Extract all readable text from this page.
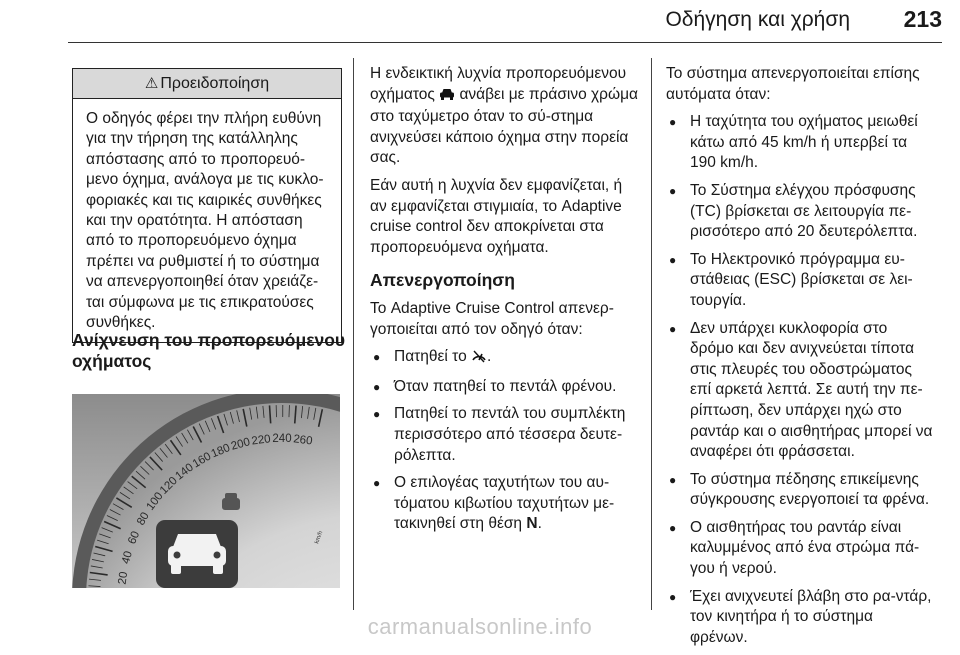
Οδήγηση και χρήση 213
⚠ Προειδοποίηση
Ο οδηγός φέρει την πλήρη ευθύνη για την τήρηση της κατάλληλης απόστασης από το προπορευό-μενο όχημα, ανάλογα με τις κυκλο-φοριακές και τις καιρικές συνθήκες και την ορατότητα. Η απόσταση από το προπορευόμενο όχημα πρέπει να ρυθμιστεί ή το σύστημα να απενεργοποιηθεί όταν χρειάζε-ται σύμφωνα με τις επικρατούσες συνθήκες.
Ανίχνευση του προπορευόμενου οχήματος
20
40
60
80
100
120
140
160
180
200 220 240 260
km/h

Η ενδεικτική λυχνία προπορευόμενου οχήματος  ανάβει με πράσινο χρώμα στο ταχύμετρο όταν το σύ-στημα ανιχνεύσει κάποιο όχημα στην πορεία σας.

Εάν αυτή η λυχνία δεν εμφανίζεται, ή αν εμφανίζεται στιγμιαία, το Adaptive cruise control δεν αποκρίνεται στα προπορευόμενα οχήματα.

Απενεργοποίηση

Το Adaptive Cruise Control απενερ-γοποιείται από τον οδηγό όταν:

● Πατηθεί το .
● Όταν πατηθεί το πεντάλ φρένου.
● Πατηθεί το πεντάλ του συμπλέκτη περισσότερο από τέσσερα δευτε-ρόλεπτα.
● Ο επιλογέας ταχυτήτων του αυ-τόματου κιβωτίου ταχυτήτων με-τακινηθεί στη θέση N.

Το σύστημα απενεργοποιείται επίσης αυτόματα όταν:

● Η ταχύτητα του οχήματος μειωθεί κάτω από 45 km/h ή υπερβεί τα 190 km/h.
● Το Σύστημα ελέγχου πρόσφυσης (TC) βρίσκεται σε λειτουργία πε-ρισσότερο από 20 δευτερόλεπτα.
● Το Ηλεκτρονικό πρόγραμμα ευ-στάθειας (ESC) βρίσκεται σε λει-τουργία.
● Δεν υπάρχει κυκλοφορία στο δρόμο και δεν ανιχνεύεται τίποτα στις πλευρές του οδοστρώματος επί αρκετά λεπτά. Σε αυτή την πε-ρίπτωση, δεν υπάρχει ηχώ στο ραντάρ και ο αισθητήρας μπορεί να αναφέρει ότι φράσσεται.
● Το σύστημα πέδησης επικείμενης σύγκρουσης ενεργοποιεί τα φρένα.
● Ο αισθητήρας του ραντάρ είναι καλυμμένος από ένα στρώμα πά-γου ή νερού.
● Έχει ανιχνευτεί βλάβη στο ρα-ντάρ, τον κινητήρα ή το σύστημα φρένων.
carmanualsonline.info
